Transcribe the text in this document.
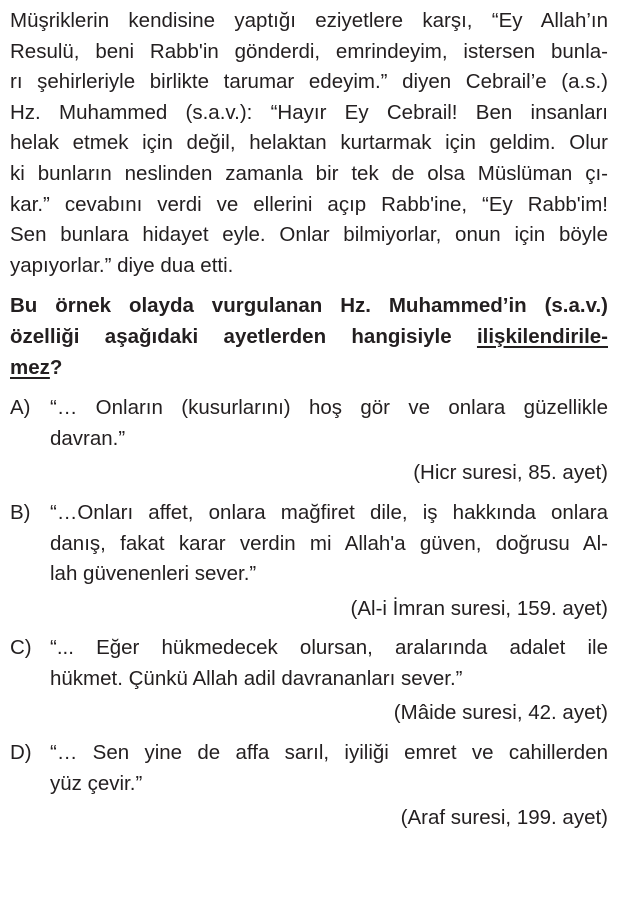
Müşriklerin kendisine yaptığı eziyetlere karşı, “Ey Allah’ın
Resulü, beni Rabb'in gönderdi, emrindeyim, istersen bunla-
rı şehirleriyle birlikte tarumar edeyim.” diyen Cebrail’e (a.s.)
Hz. Muhammed (s.a.v.): “Hayır Ey Cebrail! Ben insanları
helak etmek için değil, helaktan kurtarmak için geldim. Olur
ki bunların neslinden zamanla bir tek de olsa Müslüman çı-
kar.” cevabını verdi ve ellerini açıp Rabb'ine, “Ey Rabb'im!
Sen bunlara hidayet eyle. Onlar bilmiyorlar, onun için böyle
yapıyorlar.” diye dua etti.
Bu örnek olayda vurgulanan Hz. Muhammed’in (s.a.v.)
özelliği aşağıdaki ayetlerden hangisiyle ilişkilendirile-
mez?
A) “… Onların (kusurlarını) hoş gör ve onlara güzellikle
davran.”
(Hicr suresi, 85. ayet)
B) “…Onları affet, onlara mağfiret dile, iş hakkında onlara
danış, fakat karar verdin mi Allah'a güven, doğrusu Al-
lah güvenenleri sever.”
(Al-i İmran suresi, 159. ayet)
C) “... Eğer hükmedecek olursan, aralarında adalet ile
hükmet. Çünkü Allah adil davrananları sever.”
(Mâide suresi, 42. ayet)
D) “… Sen yine de affa sarıl, iyiliği emret ve cahillerden
yüz çevir.”
(Araf suresi, 199. ayet)
